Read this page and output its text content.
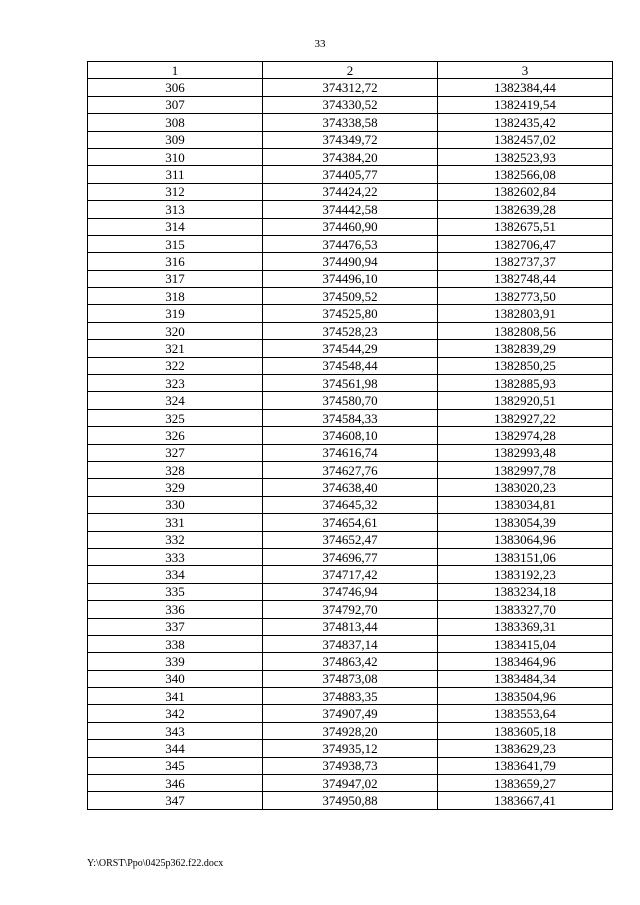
33
1	2	3
306	374312,72	1382384,44
307	374330,52	1382419,54
308	374338,58	1382435,42
309	374349,72	1382457,02
310	374384,20	1382523,93
311	374405,77	1382566,08
312	374424,22	1382602,84
313	374442,58	1382639,28
314	374460,90	1382675,51
315	374476,53	1382706,47
316	374490,94	1382737,37
317	374496,10	1382748,44
318	374509,52	1382773,50
319	374525,80	1382803,91
320	374528,23	1382808,56
321	374544,29	1382839,29
322	374548,44	1382850,25
323	374561,98	1382885,93
324	374580,70	1382920,51
325	374584,33	1382927,22
326	374608,10	1382974,28
327	374616,74	1382993,48
328	374627,76	1382997,78
329	374638,40	1383020,23
330	374645,32	1383034,81
331	374654,61	1383054,39
332	374652,47	1383064,96
333	374696,77	1383151,06
334	374717,42	1383192,23
335	374746,94	1383234,18
336	374792,70	1383327,70
337	374813,44	1383369,31
338	374837,14	1383415,04
339	374863,42	1383464,96
340	374873,08	1383484,34
341	374883,35	1383504,96
342	374907,49	1383553,64
343	374928,20	1383605,18
344	374935,12	1383629,23
345	374938,73	1383641,79
346	374947,02	1383659,27
347	374950,88	1383667,41
Y:\ORST\Ppo\0425p362.f22.docx
